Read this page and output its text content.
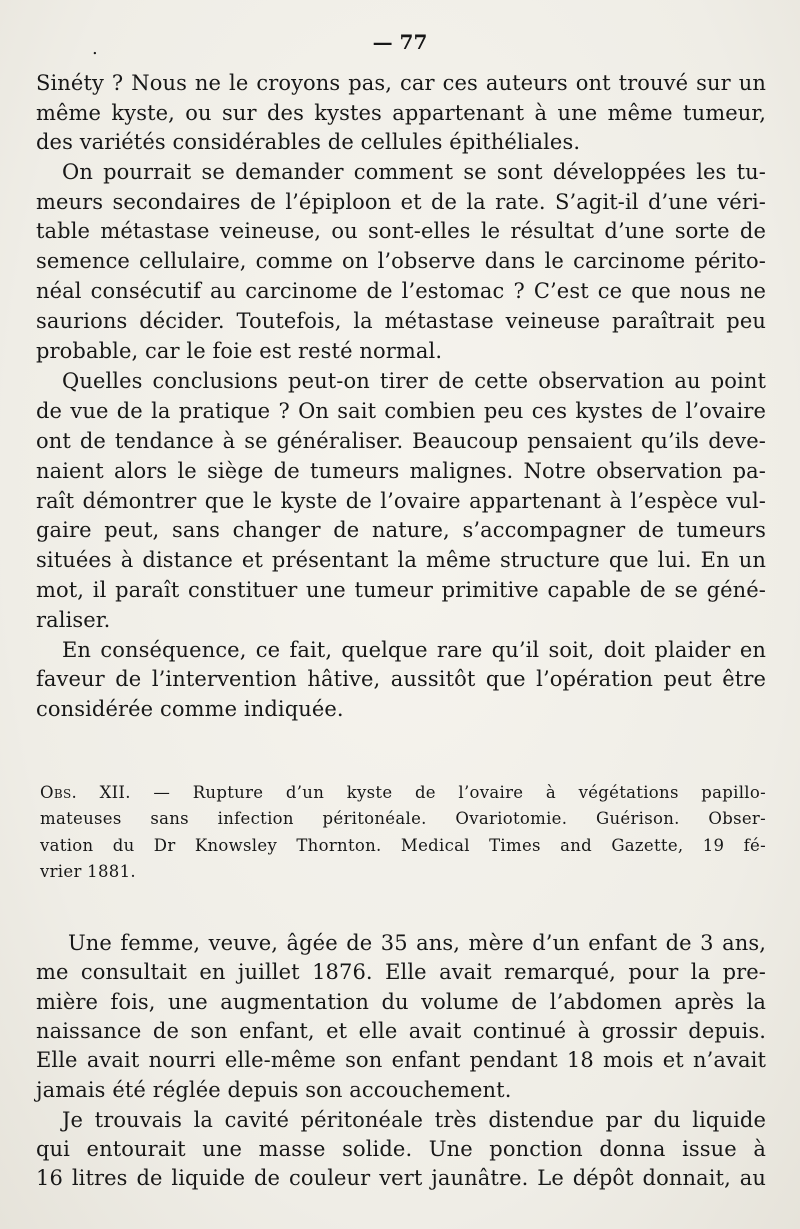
.	— 77
Sinéty ? Nous ne le croyons pas, car ces auteurs ont trouvé sur un
même kyste, ou sur des kystes appartenant à une même tumeur,
des variétés considérables de cellules épithéliales.
On pourrait se demander comment se sont développées les tu-
meurs secondaires de l’épiploon et de la rate. S’agit-il d’une véri-
table métastase veineuse, ou sont-elles le résultat d’une sorte de
semence cellulaire, comme on l’observe dans le carcinome périto-
néal consécutif au carcinome de l’estomac ? C’est ce que nous ne
saurions décider. Toutefois, la métastase veineuse paraîtrait peu
probable, car le foie est resté normal.
Quelles conclusions peut-on tirer de cette observation au point
de vue de la pratique ? On sait combien peu ces kystes de l’ovaire
ont de tendance à se généraliser. Beaucoup pensaient qu’ils deve-
naient alors le siège de tumeurs malignes. Notre observation pa-
raît démontrer que le kyste de l’ovaire appartenant à l’espèce vul-
gaire peut, sans changer de nature, s’accompagner de tumeurs
situées à distance et présentant la même structure que lui. En un
mot, il paraît constituer une tumeur primitive capable de se géné-
raliser.
En conséquence, ce fait, quelque rare qu’il soit, doit plaider en
faveur de l’intervention hâtive, aussitôt que l’opération peut être
considérée comme indiquée.
Obs. XII. — Rupture d’un kyste de l’ovaire à végétations papillo-
mateuses sans infection péritonéale. Ovariotomie. Guérison. Obser-
vation du Dr Knowsley Thornton. Medical Times and Gazette, 19 fé-
vrier 1881.
Une femme, veuve, âgée de 35 ans, mère d’un enfant de 3 ans,
me consultait en juillet 1876. Elle avait remarqué, pour la pre-
mière fois, une augmentation du volume de l’abdomen après la
naissance de son enfant, et elle avait continué à grossir depuis.
Elle avait nourri elle-même son enfant pendant 18 mois et n’avait
jamais été réglée depuis son accouchement.
Je trouvais la cavité péritonéale très distendue par du liquide
qui entourait une masse solide. Une ponction donna issue à
16 litres de liquide de couleur vert jaunâtre. Le dépôt donnait, au
